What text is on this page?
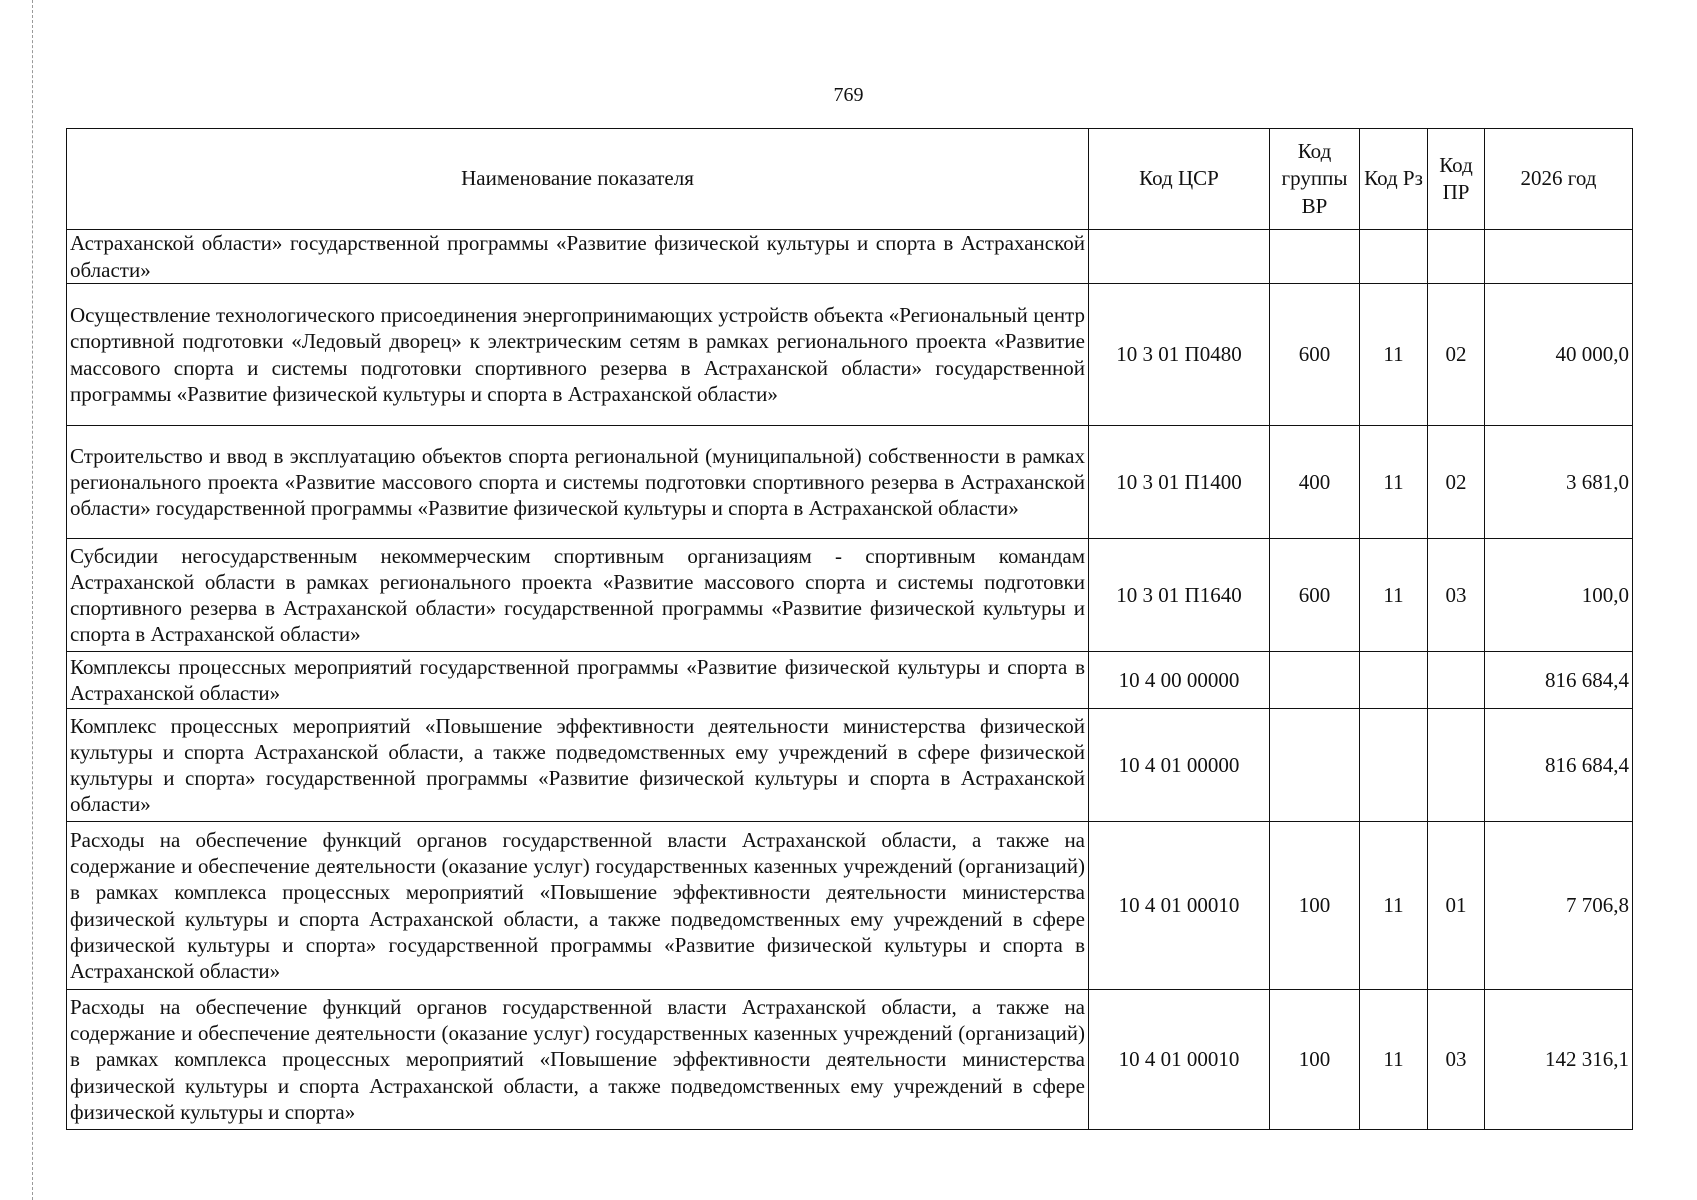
769
Наименование показателя	Код ЦСР	Код группы ВР	Код Рз	Код ПР	2026 год
Астраханской области» государственной программы «Развитие физической культуры и спорта в Астраханской области»					
Осуществление технологического присоединения энергопринимающих устройств объекта «Региональный центр спортивной подготовки «Ледовый дворец» к электрическим сетям в рамках регионального проекта «Развитие массового спорта и системы подготовки спортивного резерва в Астраханской области» государственной программы «Развитие физической культуры и спорта в Астраханской области»	10 3 01 П0480	600	11	02	40 000,0
Строительство и ввод в эксплуатацию объектов спорта региональной (муниципальной) собственности в рамках регионального проекта «Развитие массового спорта и системы подготовки спортивного резерва в Астраханской области» государственной программы «Развитие физической культуры и спорта в Астраханской области»	10 3 01 П1400	400	11	02	3 681,0
Субсидии негосударственным некоммерческим спортивным организациям - спортивным командам Астраханской области в рамках регионального проекта «Развитие массового спорта и системы подготовки спортивного резерва в Астраханской области» государственной программы «Развитие физической культуры и спорта в Астраханской области»	10 3 01 П1640	600	11	03	100,0
Комплексы процессных мероприятий государственной программы «Развитие физической культуры и спорта в Астраханской области»	10 4 00 00000				816 684,4
Комплекс процессных мероприятий «Повышение эффективности деятельности министерства физической культуры и спорта Астраханской области, а также подведомственных ему учреждений в сфере физической культуры и спорта» государственной программы «Развитие физической культуры и спорта в Астраханской области»	10 4 01 00000				816 684,4
Расходы на обеспечение функций органов государственной власти Астраханской области, а также на содержание и обеспечение деятельности (оказание услуг) государственных казенных учреждений (организаций) в рамках комплекса процессных мероприятий «Повышение эффективности деятельности министерства физической культуры и спорта Астраханской области, а также подведомственных ему учреждений в сфере физической культуры и спорта» государственной программы «Развитие физической культуры и спорта в Астраханской области»	10 4 01 00010	100	11	01	7 706,8
Расходы на обеспечение функций органов государственной власти Астраханской области, а также на содержание и обеспечение деятельности (оказание услуг) государственных казенных учреждений (организаций) в рамках комплекса процессных мероприятий «Повышение эффективности деятельности министерства физической культуры и спорта Астраханской области, а также подведомственных ему учреждений в сфере физической культуры и спорта»	10 4 01 00010	100	11	03	142 316,1
